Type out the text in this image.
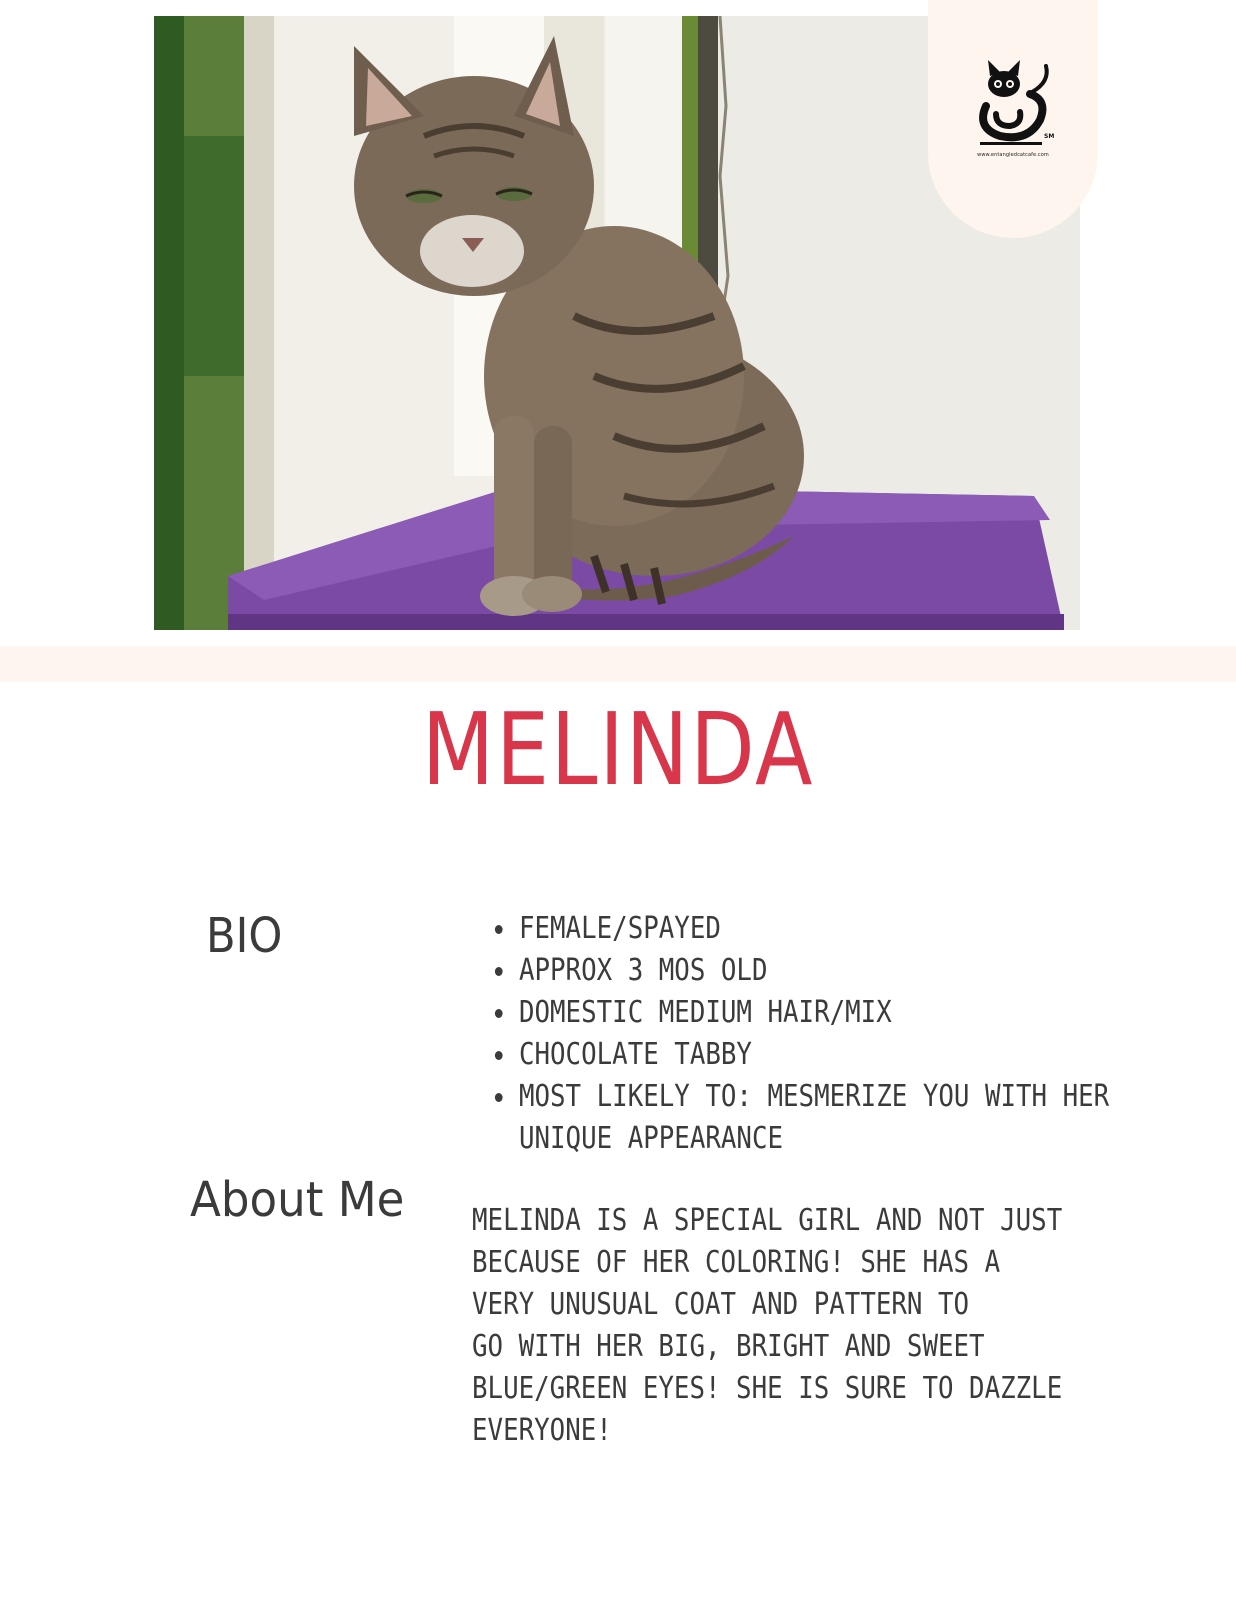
SM
www.entangledcatcafe.com
MELINDA
BIO	FEMALE/SPAYED
APPROX 3 MOS OLD
DOMESTIC MEDIUM HAIR/MIX
CHOCOLATE TABBY
MOST LIKELY TO: MESMERIZE YOU WITH HER
UNIQUE APPEARANCE
About Me MELINDA IS A SPECIAL GIRL AND NOT JUST
BECAUSE OF HER COLORING! SHE HAS A
VERY UNUSUAL COAT AND PATTERN TO
GO WITH HER BIG, BRIGHT AND SWEET
BLUE/GREEN EYES! SHE IS SURE TO DAZZLE
EVERYONE!
